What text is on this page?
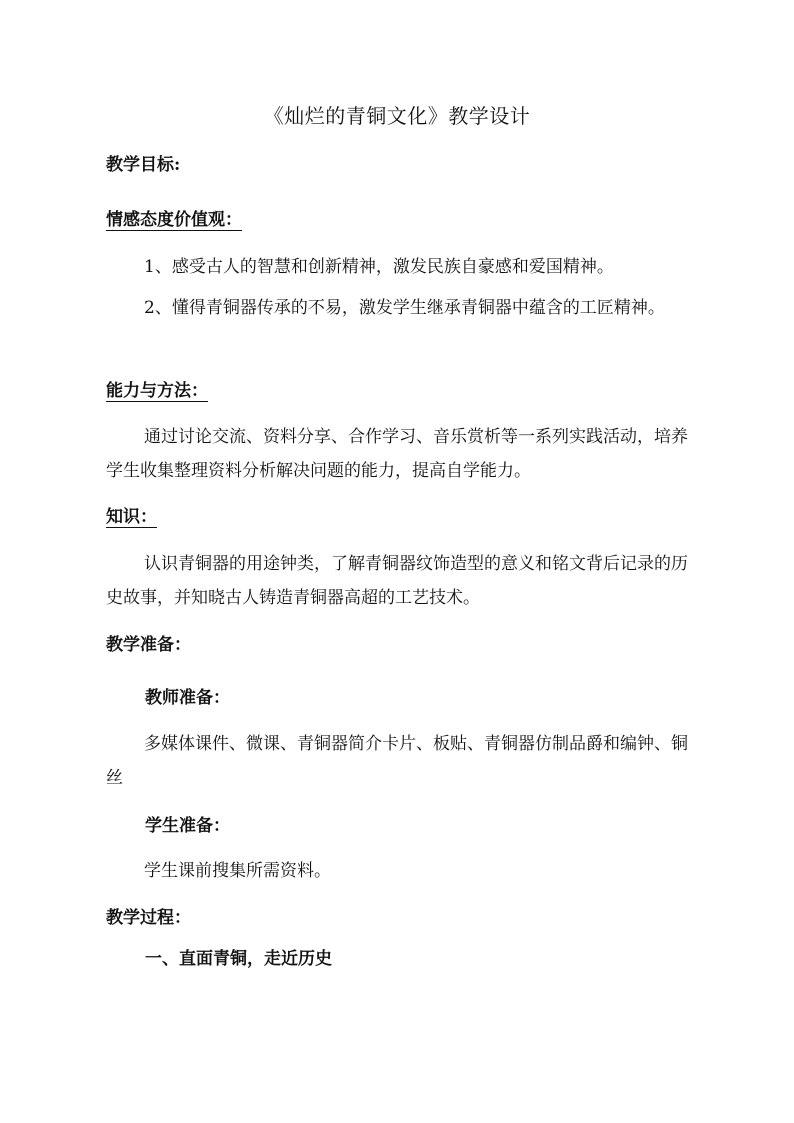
《灿烂的青铜文化》教学设计
教学目标:
情感态度价值观：
1、感受古人的智慧和创新精神，激发民族自豪感和爱国精神。
2、懂得青铜器传承的不易，激发学生继承青铜器中蕴含的工匠精神。
能力与方法：
通过讨论交流、资料分享、合作学习、音乐赏析等一系列实践活动，培养学生收集整理资料分析解决问题的能力，提高自学能力。
知识：
认识青铜器的用途钟类，了解青铜器纹饰造型的意义和铭文背后记录的历史故事，并知晓古人铸造青铜器高超的工艺技术。
教学准备：
教师准备：
多媒体课件、微课、青铜器简介卡片、板贴、青铜器仿制品爵和编钟、铜丝
学生准备：
学生课前搜集所需资料。
教学过程：
一、直面青铜，走近历史
